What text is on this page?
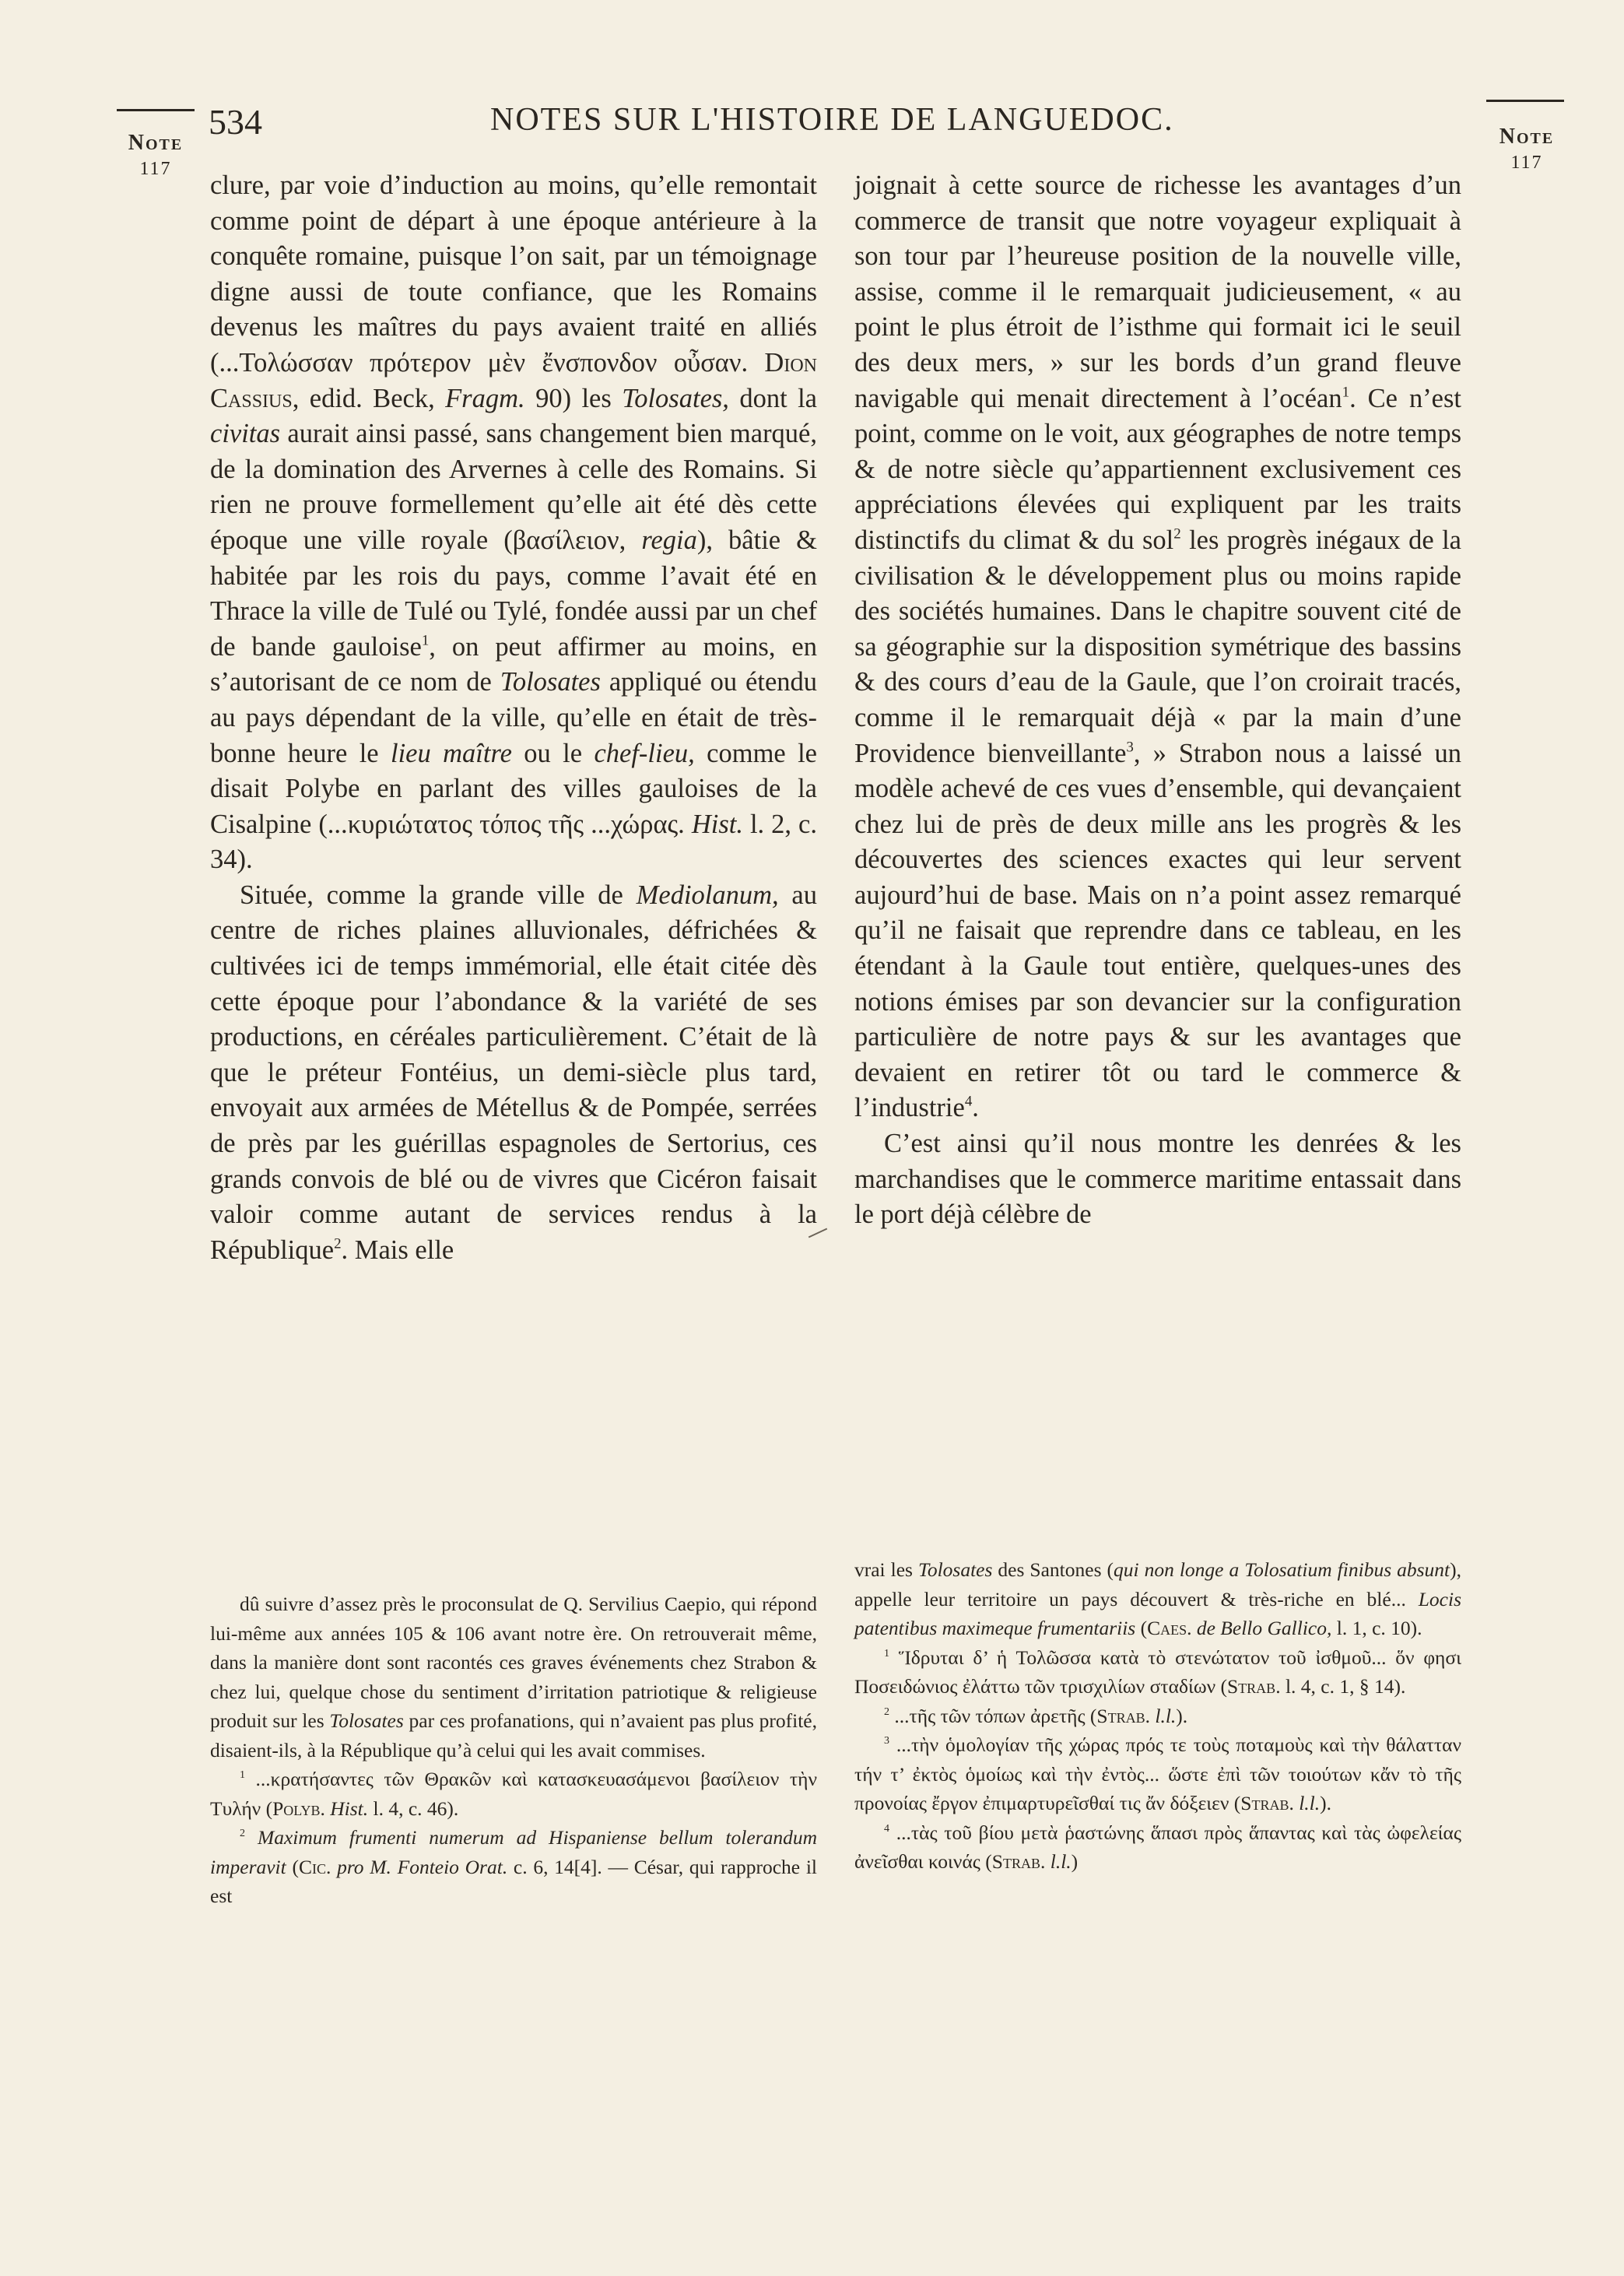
Note
117
Note
117
534	NOTES SUR L'HISTOIRE DE LANGUEDOC.

clure, par voie d’induction au moins, qu’elle remontait comme point de départ à une époque antérieure à la conquête romaine, puisque l’on sait, par un témoignage digne aussi de toute confiance, que les Romains devenus les maîtres du pays avaient traité en alliés (...Τολώσσαν πρότερον μὲν ἔνσπονδον οὖσαν. Dion Cassius, edid. Beck, Fragm. 90) les Tolosates, dont la civitas aurait ainsi passé, sans changement bien marqué, de la domination des Arvernes à celle des Romains. Si rien ne prouve formellement qu’elle ait été dès cette époque une ville royale (βασίλειον, regia), bâtie & habitée par les rois du pays, comme l’avait été en Thrace la ville de Tulé ou Tylé, fondée aussi par un chef de bande gauloise$^1$, on peut affirmer au moins, en s’autorisant de ce nom de Tolosates appliqué ou étendu au pays dépendant de la ville, qu’elle en était de très-bonne heure le lieu maître ou le chef-lieu, comme le disait Polybe en parlant des villes gauloises de la Cisalpine (...κυριώτατος τόπος τῆς ...χώρας. Hist. l. 2, c. 34).

Située, comme la grande ville de Mediolanum, au centre de riches plaines alluvionales, défrichées & cultivées ici de temps immémorial, elle était citée dès cette époque pour l’abondance & la variété de ses productions, en céréales particulièrement. C’était de là que le préteur Fontéius, un demi-siècle plus tard, envoyait aux armées de Métellus & de Pompée, serrées de près par les guérillas espagnoles de Sertorius, ces grands convois de blé ou de vivres que Cicéron faisait valoir comme autant de services rendus à la République$^2$. Mais elle

joignait à cette source de richesse les avantages d’un commerce de transit que notre voyageur expliquait à son tour par l’heureuse position de la nouvelle ville, assise, comme il le remarquait judicieusement, « au point le plus étroit de l’isthme qui formait ici le seuil des deux mers, » sur les bords d’un grand fleuve navigable qui menait directement à l’océan$^1$. Ce n’est point, comme on le voit, aux géographes de notre temps & de notre siècle qu’appartiennent exclusivement ces appréciations élevées qui expliquent par les traits distinctifs du climat & du sol$^2$ les progrès inégaux de la civilisation & le développement plus ou moins rapide des sociétés humaines. Dans le chapitre souvent cité de sa géographie sur la disposition symétrique des bassins & des cours d’eau de la Gaule, que l’on croirait tracés, comme il le remarquait déjà « par la main d’une Providence bienveillante$^3$, » Strabon nous a laissé un modèle achevé de ces vues d’ensemble, qui devançaient chez lui de près de deux mille ans les progrès & les découvertes des sciences exactes qui leur servent aujourd’hui de base. Mais on n’a point assez remarqué qu’il ne faisait que reprendre dans ce tableau, en les étendant à la Gaule tout entière, quelques-unes des notions émises par son devancier sur la configuration particulière de notre pays & sur les avantages que devaient en retirer tôt ou tard le commerce & l’industrie$^4$.

C’est ainsi qu’il nous montre les denrées & les marchandises que le commerce maritime entassait dans le port déjà célèbre de

dû suivre d’assez près le proconsulat de Q. Servilius Caepio, qui répond lui-même aux années 105 & 106 avant notre ère. On retrouverait même, dans la manière dont sont racontés ces graves événements chez Strabon & chez lui, quelque chose du sentiment d’irritation patriotique & religieuse produit sur les Tolosates par ces profanations, qui n’avaient pas plus profité, disaient-ils, à la République qu’à celui qui les avait commises.

$^1$ ...κρατήσαντες τῶν Θρακῶν καὶ κατασκευασάμενοι βασίλειον τὴν Τυλήν (Polyb. Hist. l. 4, c. 46).

$^2$ Maximum frumenti numerum ad Hispaniense bellum tolerandum imperavit (Cic. pro M. Fonteio Orat. c. 6, 14[4]. — César, qui rapproche il est

vrai les Tolosates des Santones (qui non longe a Tolosatium finibus absunt), appelle leur territoire un pays découvert & très-riche en blé... Locis patentibus maximeque frumentariis (Caes. de Bello Gallico, l. 1, c. 10).

$^1$ Ἵδρυται δ’ ἡ Τολῶσσα κατὰ τὸ στενώτατον τοῦ ἰσθμοῦ... ὅν φησι Ποσειδώνιος ἐλάττω τῶν τρισχιλίων σταδίων (Strab. l. 4, c. 1, § 14).

$^2$ ...τῆς τῶν τόπων ἀρετῆς (Strab. l.l.).

$^3$ ...τὴν ὁμολογίαν τῆς χώρας πρός τε τοὺς ποταμοὺς καὶ τὴν θάλατταν τήν τ’ ἐκτὸς ὁμοίως καὶ τὴν ἐντὸς... ὥστε ἐπὶ τῶν τοιούτων κἄν τὸ τῆς προνοίας ἔργον ἐπιμαρτυρεῖσθαί τις ἄν δόξειεν (Strab. l.l.).

$^4$ ...τὰς τοῦ βίου μετὰ ῥαστώνης ἅπασι πρὸς ἅπαντας καὶ τὰς ὠφελείας ἀνεῖσθαι κοινάς (Strab. l.l.)
